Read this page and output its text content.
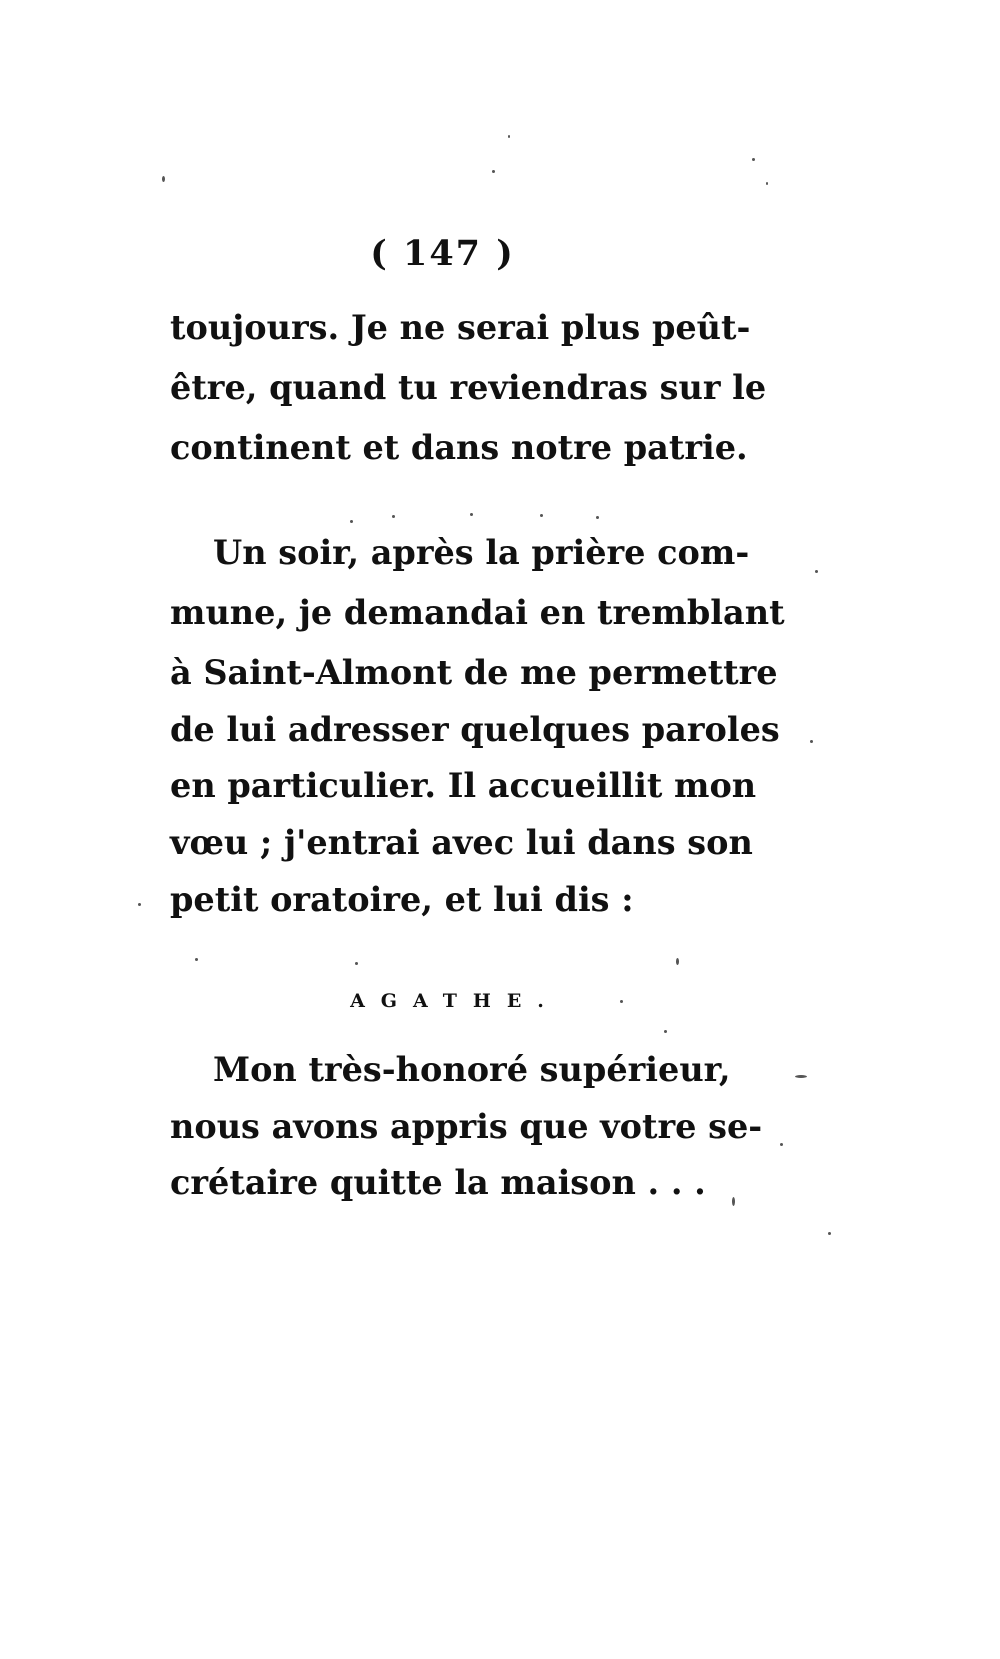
( 147 )
toujours. Je ne serai plus peût-
être, quand tu reviendras sur le
continent et dans notre patrie.
Un soir, après la prière com-
mune, je demandai en tremblant
à Saint-Almont de me permettre
de lui adresser quelques paroles
en particulier. Il accueillit mon
vœu ; j'entrai avec lui dans son
petit oratoire, et lui dis :
AGATHE.
Mon très-honoré supérieur,
nous avons appris que votre se-
crétaire quitte la maison . . .
